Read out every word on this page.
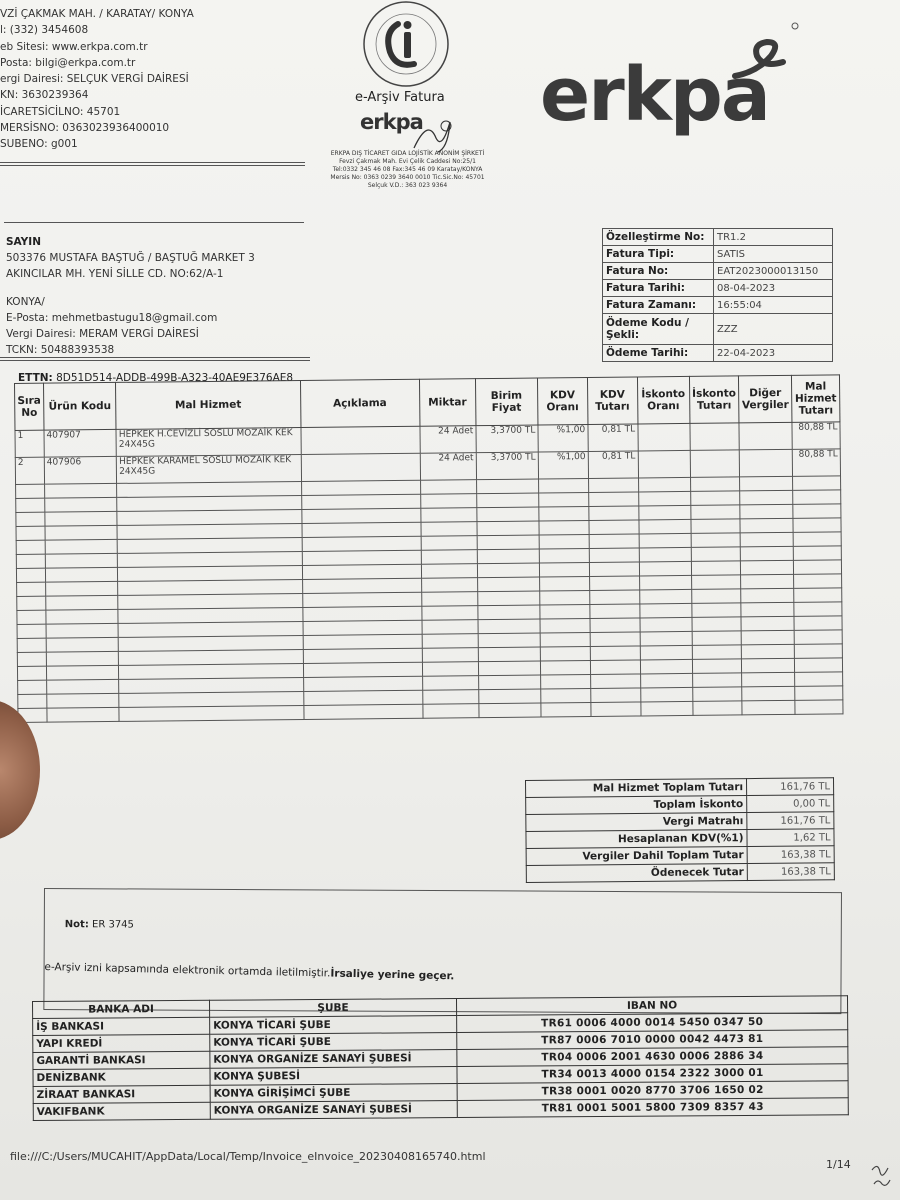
VZİ ÇAKMAK MAH. / KARATAY/ KONYA
l: (332) 3454608
eb Sitesi: www.erkpa.com.tr
Posta: bilgi@erkpa.com.tr
ergi Dairesi: SELÇUK VERGİ DAİRESİ
KN: 3630239364
İCARETSİCİLNO: 45701
MERSİSNO: 0363023936400010
SUBENO: g001
e-Arşiv Fatura
erkpa
ERKPA DIŞ TİCARET GIDA LOJİSTİK ANONİM ŞİRKETİ
Fevzi Çakmak Mah. Evi Çelik Caddesi No:25/1
Tel:0332 345 46 08 Fax:345 46 09 Karatay/KONYA
Mersis No: 0363 0239 3640 0010 Tic.Sic.No: 45701
Selçuk V.D.: 363 023 9364
erkpa
SAYIN
503376 MUSTAFA BAŞTUĞ / BAŞTUĞ MARKET 3
AKINCILAR MH. YENİ SİLLE CD. NO:62/A-1
KONYA/
E-Posta: mehmetbastugu18@gmail.com
Vergi Dairesi: MERAM VERGİ DAİRESİ
TCKN: 50488393538
ETTN: 8D51D514-ADDB-499B-A323-40AE9E376AE8
Özelleştirme No:	TR1.2
Fatura Tipi:	SATIS
Fatura No:	EAT2023000013150
Fatura Tarihi:	08-04-2023
Fatura Zamanı:	16:55:04
Ödeme Kodu / Şekli:	ZZZ
Ödeme Tarihi:	22-04-2023
Sıra No	Ürün Kodu	Mal Hizmet	Açıklama	Miktar	Birim Fiyat	KDV Oranı	KDV Tutarı	İskonto Oranı	İskonto Tutarı	Diğer Vergiler	Mal Hizmet Tutarı
1	407907	HEPKEK H.CEVİZLİ SOSLU MOZAİK KEK 24X45G		24 Adet	3,3700 TL	%1,00	0,81 TL				80,88 TL
2	407906	HEPKEK KARAMEL SOSLU MOZAİK KEK 24X45G		24 Adet	3,3700 TL	%1,00	0,81 TL				80,88 TL

Mal Hizmet Toplam Tutarı	161,76 TL
Toplam İskonto	0,00 TL
Vergi Matrahı	161,76 TL
Hesaplanan KDV(%1)	1,62 TL
Vergiler Dahil Toplam Tutar	163,38 TL
Ödenecek Tutar	163,38 TL
Not: ER 3745
e-Arşiv izni kapsamında elektronik ortamda iletilmiştir.İrsaliye yerine geçer.
BANKA ADI	ŞUBE	IBAN NO
İŞ BANKASI	KONYA TİCARİ ŞUBE	TR61 0006 4000 0014 5450 0347 50
YAPI KREDİ	KONYA TİCARİ ŞUBE	TR87 0006 7010 0000 0042 4473 81
GARANTİ BANKASI	KONYA ORGANİZE SANAYİ ŞUBESİ	TR04 0006 2001 4630 0006 2886 34
DENİZBANK	KONYA ŞUBESİ	TR34 0013 4000 0154 2322 3000 01
ZİRAAT BANKASI	KONYA GİRİŞİMCİ ŞUBE	TR38 0001 0020 8770 3706 1650 02
VAKIFBANK	KONYA ORGANİZE SANAYİ ŞUBESİ	TR81 0001 5001 5800 7309 8357 43
file:///C:/Users/MUCAHIT/AppData/Local/Temp/Invoice_eInvoice_20230408165740.html
1/14
